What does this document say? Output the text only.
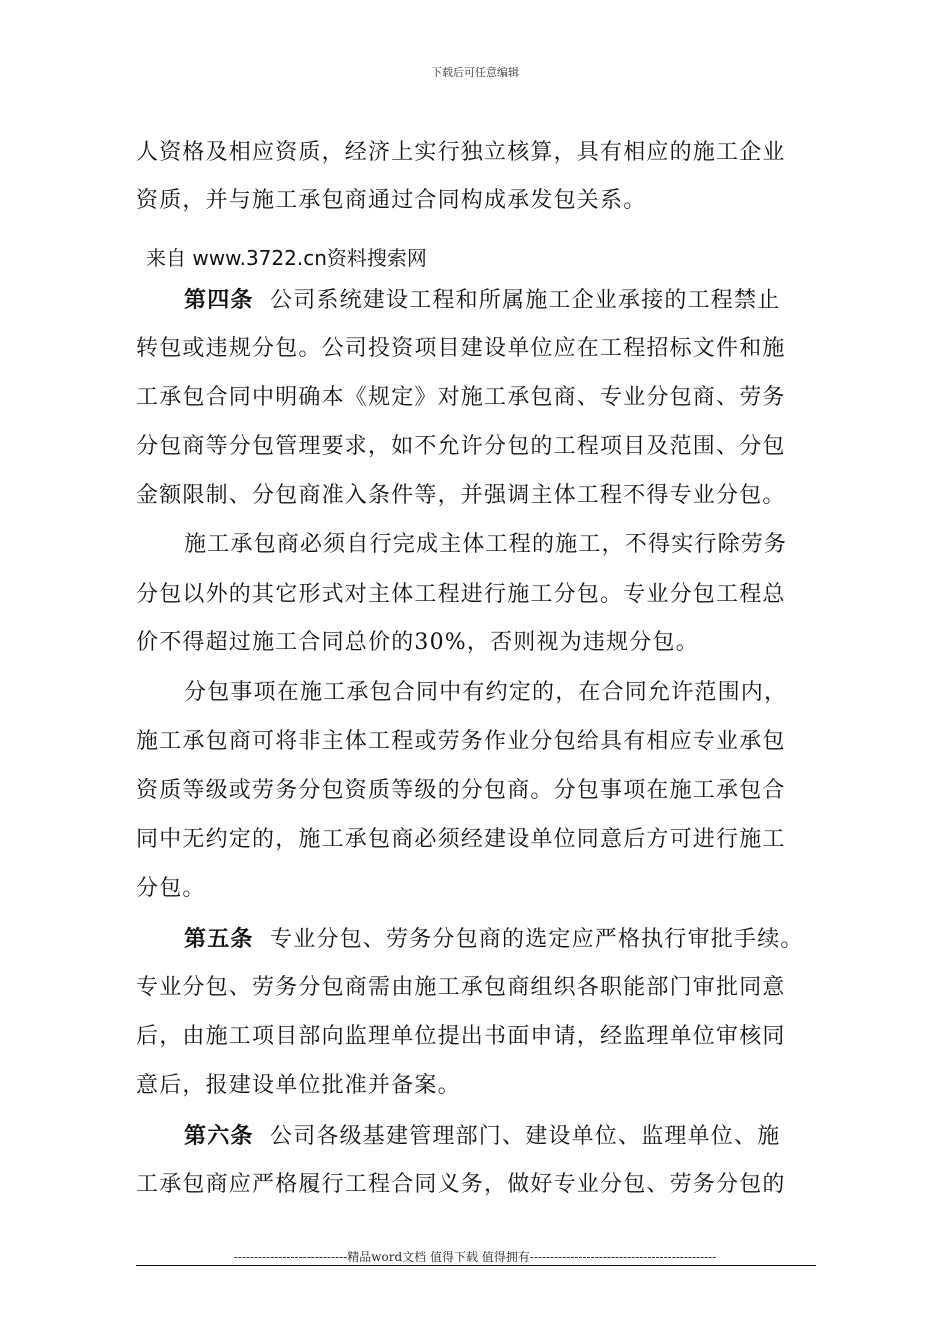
下载后可任意编辑
人资格及相应资质，经济上实行独立核算，具有相应的施工企业
资质，并与施工承包商通过合同构成承发包关系。
来自 www.3722.cn资料搜索网
第四条 公司系统建设工程和所属施工企业承接的工程禁止
转包或违规分包。公司投资项目建设单位应在工程招标文件和施
工承包合同中明确本《规定》对施工承包商、专业分包商、劳务
分包商等分包管理要求，如不允许分包的工程项目及范围、分包
金额限制、分包商准入条件等，并强调主体工程不得专业分包。
施工承包商必须自行完成主体工程的施工，不得实行除劳务
分包以外的其它形式对主体工程进行施工分包。专业分包工程总
价不得超过施工合同总价的30%，否则视为违规分包。
分包事项在施工承包合同中有约定的，在合同允许范围内，
施工承包商可将非主体工程或劳务作业分包给具有相应专业承包
资质等级或劳务分包资质等级的分包商。分包事项在施工承包合
同中无约定的，施工承包商必须经建设单位同意后方可进行施工
分包。
第五条 专业分包、劳务分包商的选定应严格执行审批手续。
专业分包、劳务分包商需由施工承包商组织各职能部门审批同意
后，由施工项目部向监理单位提出书面申请，经监理单位审核同
意后，报建设单位批准并备案。
第六条 公司各级基建管理部门、建设单位、监理单位、施
工承包商应严格履行工程合同义务，做好专业分包、劳务分包的
----------------------------精品word文档 值得下载 值得拥有----------------------------------------------
